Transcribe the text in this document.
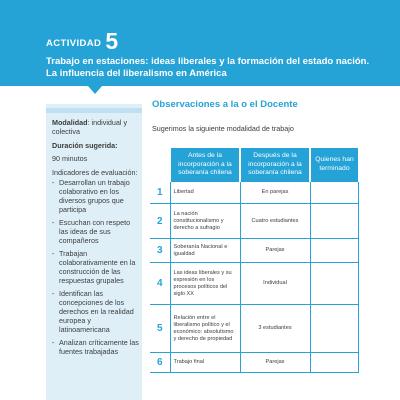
ACTIVIDAD 5
Trabajo en estaciones: ideas liberales y la formación del estado nación.
La influencia del liberalismo en América
Modalidad: individual y
colectiva
Duración sugerida:
90 minutos
Indicadores de evaluación:
- Desarrollan un trabajo colaborativo en los diversos grupos que participa
- Escuchan con respeto las ideas de sus compañeros
- Trabajan colaborativamente en la construcción de las respuestas grupales
- Identifican las concepciones de los derechos en la realidad europea y latinoamericana
- Analizan críticamente las fuentes trabajadas
Observaciones a la o el Docente
Sugerimos la siguiente modalidad de trabajo
	Antes de la incorporación a la soberanía chilena	Después de la incorporación a la soberanía chilena	Quienes han terminado
1	Libertad	En parejas	
2	La nación constitucionalismo y derecho a sufragio	Cuatro estudiantes	
3	Soberanía Nacional e igualdad	Parejas	
4	Las ideas liberales y su expresión en los procesos políticos del siglo XX	Individual	
5	Relación entre el liberalismo político y el económico: absolutismo y derecho de propiedad	3 estudiantes	
6	Trabajo final	Parejas	
